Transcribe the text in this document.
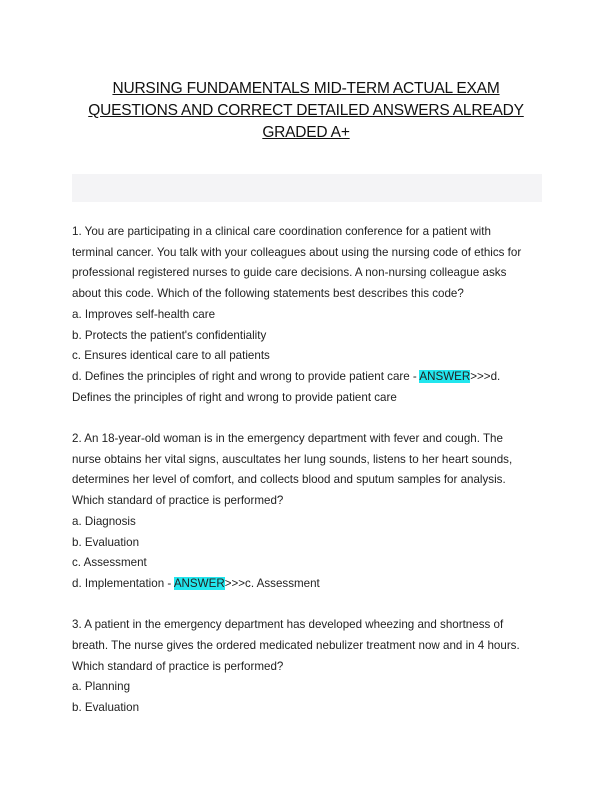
NURSING FUNDAMENTALS MID-TERM ACTUAL EXAM
QUESTIONS AND CORRECT DETAILED ANSWERS ALREADY
GRADED A+
1. You are participating in a clinical care coordination conference for a patient with
terminal cancer. You talk with your colleagues about using the nursing code of ethics for
professional registered nurses to guide care decisions. A non-nursing colleague asks
about this code. Which of the following statements best describes this code?
a. Improves self-health care
b. Protects the patient's confidentiality
c. Ensures identical care to all patients
d. Defines the principles of right and wrong to provide patient care - ANSWER>>>d.
Defines the principles of right and wrong to provide patient care
2. An 18-year-old woman is in the emergency department with fever and cough. The
nurse obtains her vital signs, auscultates her lung sounds, listens to her heart sounds,
determines her level of comfort, and collects blood and sputum samples for analysis.
Which standard of practice is performed?
a. Diagnosis
b. Evaluation
c. Assessment
d. Implementation - ANSWER>>>c. Assessment
3. A patient in the emergency department has developed wheezing and shortness of
breath. The nurse gives the ordered medicated nebulizer treatment now and in 4 hours.
Which standard of practice is performed?
a. Planning
b. Evaluation
